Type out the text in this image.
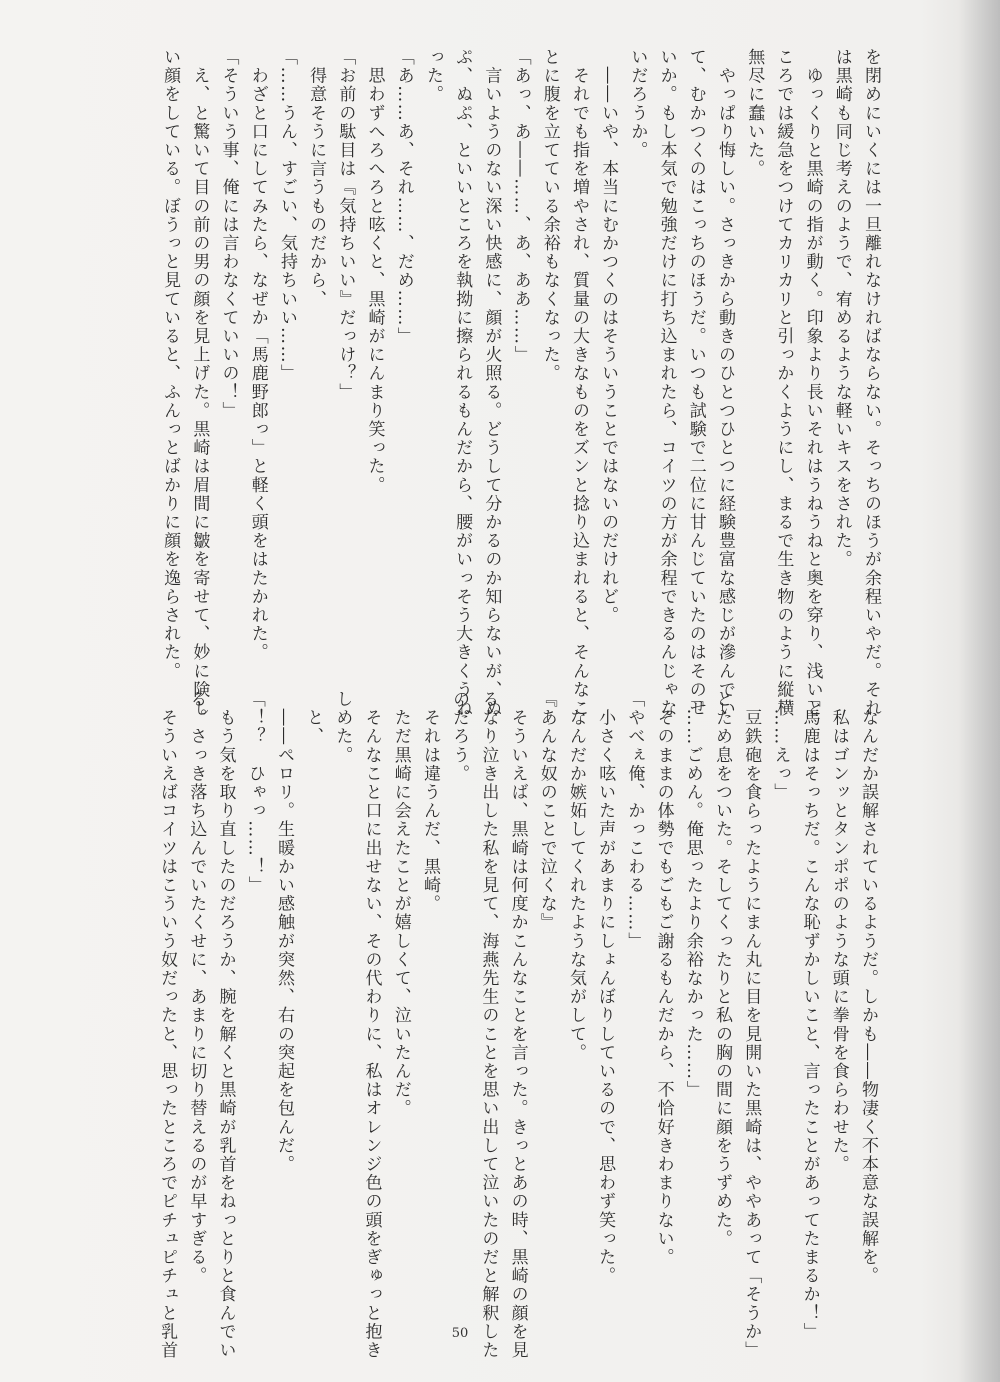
を閉めにいくには一旦離れなければならない。そっちのほうが余程いやだ。それ

は黒崎も同じ考えのようで、宥めるような軽いキスをされた。

　ゆっくりと黒崎の指が動く。印象より長いそれはうねうねと奥を穿り、浅いと

ころでは緩急をつけてカリカリと引っかくようにし、まるで生き物のように縦横

無尽に蠢いた。

　やっぱり悔しい。さっきから動きのひとつひとつに経験豊富な感じが滲んでい

て、むかつくのはこっちのほうだ。いつも試験で二位に甘んじていたのはそのせ

いか。もし本気で勉強だけに打ち込まれたら、コイツの方が余程できるんじゃな

いだろうか。

　――いや、本当にむかつくのはそういうことではないのだけれど。

　それでも指を増やされ、質量の大きなものをズンと捻り込まれると、そんなこ

とに腹を立てている余裕もなくなった。

「あっ、あ――……、あ、ああ……」

　言いようのない深い快感に、顔が火照る。どうして分かるのか知らないが、ぬ

ぷ、ぬぷ、といいところを執拗に擦られるもんだから、腰がいっそう大きくうね

った。

「あ……あ、それ……、だめ……」

　思わずへろへろと呟くと、黒崎がにんまり笑った。

「お前の駄目は『気持ちいい』だっけ？」

　得意そうに言うものだから、

「……うん、すごい、気持ちいい……」

　わざと口にしてみたら、なぜか「馬鹿野郎っ」と軽く頭をはたかれた。

「そういう事、俺には言わなくていいの！」

　え、と驚いて目の前の男の顔を見上げた。黒崎は眉間に皺を寄せて、妙に険し

い顔をしている。ぼうっと見ていると、ふんっとばかりに顔を逸らされた。

　なんだか誤解されているようだ。しかも――物凄く不本意な誤解を。

　私はゴンッとタンポポのような頭に拳骨を食らわせた。

「馬鹿はそっちだ。こんな恥ずかしいこと、言ったことがあってたまるか！」

「……えっ」

　豆鉄砲を食らったようにまん丸に目を見開いた黒崎は、ややあって「そうか」

とため息をついた。そしてくったりと私の胸の間に顔をうずめた。

「……ごめん。俺思ったより余裕なかった……」

　そのままの体勢でもごもご謝るもんだから、不恰好きわまりない。

「やべぇ俺、かっこわる……」

　小さく呟いた声があまりにしょんぼりしているので、思わず笑った。

　なんだか嫉妬してくれたような気がして。

『あんな奴のことで泣くな』

　そういえば、黒崎は何度かこんなことを言った。きっとあの時、黒崎の顔を見

るなり泣き出した私を見て、海燕先生のことを思い出して泣いたのだと解釈した

のだろう。

　それは違うんだ、黒崎。

　ただ黒崎に会えたことが嬉しくて、泣いたんだ。

　そんなこと口に出せない、その代わりに、私はオレンジ色の頭をぎゅっと抱き

しめた。

　と、

　――ペロリ。生暖かい感触が突然、右の突起を包んだ。

「！？　ひゃっ……！」

　もう気を取り直したのだろうか、腕を解くと黒崎が乳首をねっとりと食んでい

る。さっき落ち込んでいたくせに、あまりに切り替えるのが早すぎる。

　そういえばコイツはこういう奴だったと、思ったところでピチュピチュと乳首	50
